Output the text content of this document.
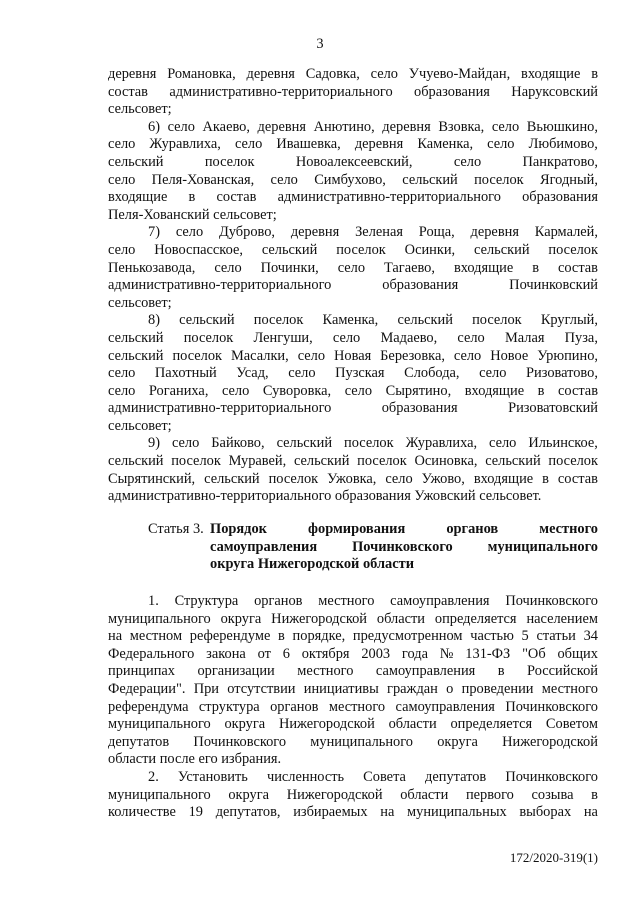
3
деревня Романовка, деревня Садовка, село Учуево-Майдан, входящие в
состав административно-территориального образования Наруксовский
сельсовет;
6) село Акаево, деревня Анютино, деревня Взовка, село Вьюшкино,
село Журавлиха, село Ивашевка, деревня Каменка, село Любимово,
сельский	поселок	Новоалексеевский,	село	Панкратово,
село Пеля-Хованская, село Симбухово, сельский поселок Ягодный,
входящие в состав административно-территориального образования
Пеля-Хованский сельсовет;
7) село Дуброво, деревня Зеленая Роща, деревня Кармалей,
село Новоспасское, сельский поселок Осинки, сельский поселок
Пенькозавода, село Починки, село Тагаево, входящие в состав
административно-территориального	образования	Починковский
сельсовет;
8) сельский поселок Каменка, сельский поселок Круглый,
сельский поселок Ленгуши, село Мадаево, село Малая Пуза,
сельский поселок Масалки, село Новая Березовка, село Новое Урюпино,
село Пахотный Усад, село Пузская Слобода, село Ризоватово,
село Роганиха, село Суворовка, село Сырятино, входящие в состав
административно-территориального	образования	Ризоватовский
сельсовет;
9) село Байково, сельский поселок Журавлиха, село Ильинское,
сельский поселок Муравей, сельский поселок Осиновка, сельский поселок
Сырятинский, сельский поселок Ужовка, село Ужово, входящие в состав
административно-территориального образования Ужовский сельсовет.
Статья 3. Порядок	формирования	органов	местного
самоуправления Починковского муниципального
округа Нижегородской области
1. Структура органов местного самоуправления Починковского
муниципального округа Нижегородской области определяется населением
на местном референдуме в порядке, предусмотренном частью 5 статьи 34
Федерального закона от 6 октября 2003 года № 131-ФЗ "Об общих
принципах организации местного самоуправления в Российской
Федерации". При отсутствии инициативы граждан о проведении местного
референдума структура органов местного самоуправления Починковского
муниципального округа Нижегородской области определяется Советом
депутатов Починковского муниципального округа Нижегородской
области после его избрания.
2. Установить численность Совета депутатов Починковского
муниципального округа Нижегородской области первого созыва в
количестве 19 депутатов, избираемых на муниципальных выборах на
172/2020-319(1)
